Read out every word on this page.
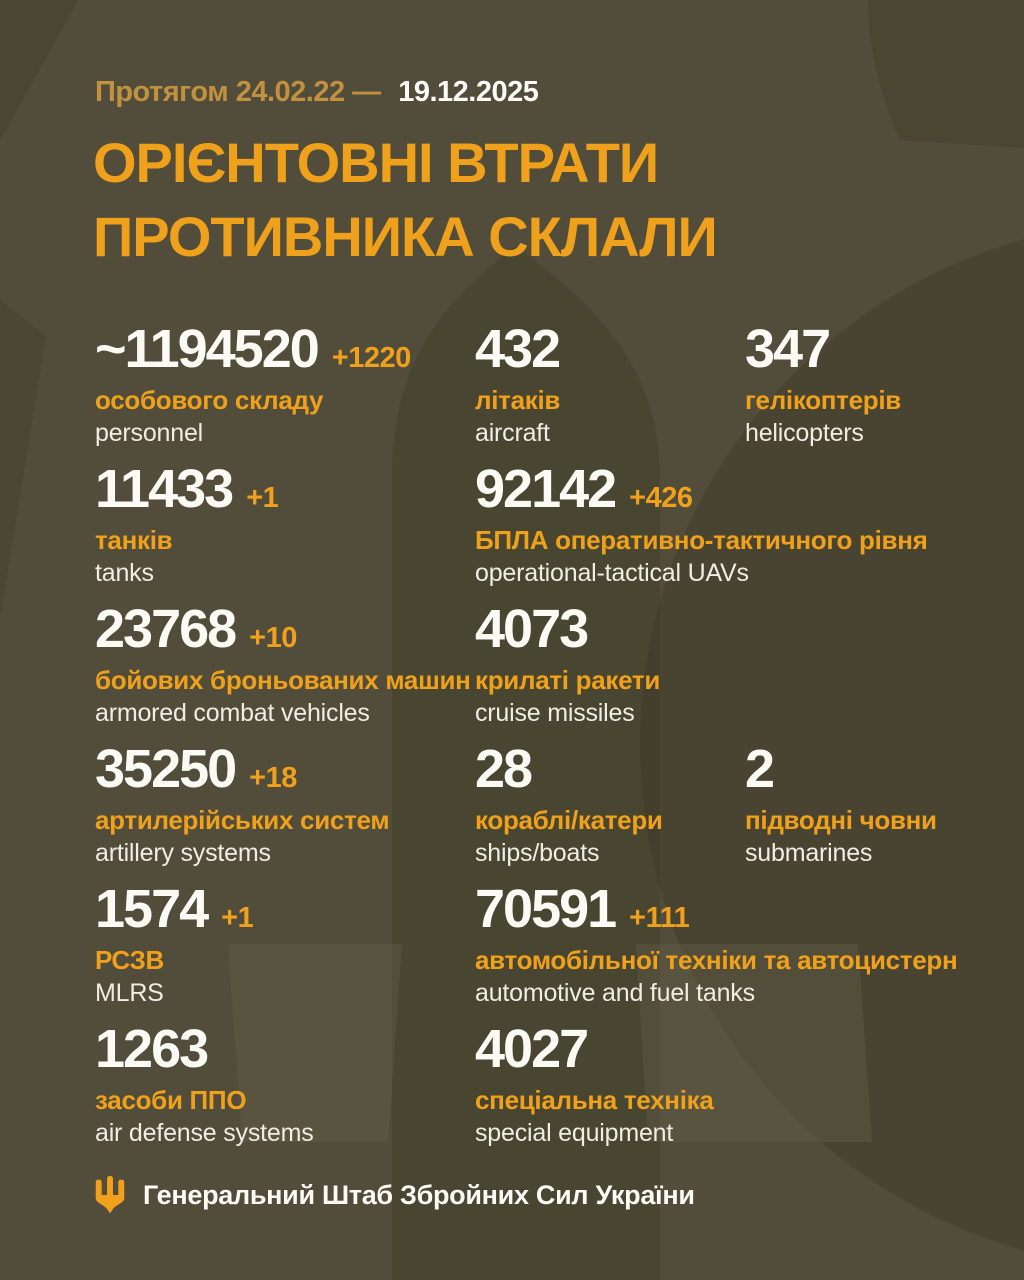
Протягом 24.02.22 — 19.12.2025
ОРІЄНТОВНІ ВТРАТИ
ПРОТИВНИКА СКЛАЛИ
~1194520 +1220
особового складу
personnel
432
літаків
aircraft
347
гелікоптерів
helicopters
11433 +1
танків
tanks
92142 +426
БПЛА оперативно-тактичного рівня
operational-tactical UAVs
23768 +10
бойових броньованих машин
armored combat vehicles
4073
крилаті ракети
cruise missiles
35250 +18
артилерійських систем
artillery systems
28
кораблі/катери
ships/boats
2
підводні човни
submarines
1574 +1
РСЗВ
MLRS
70591 +111
автомобільної техніки та автоцистерн
automotive and fuel tanks
1263
засоби ППО
air defense systems
4027
спеціальна техніка
special equipment
Генеральний Штаб Збройних Сил України
